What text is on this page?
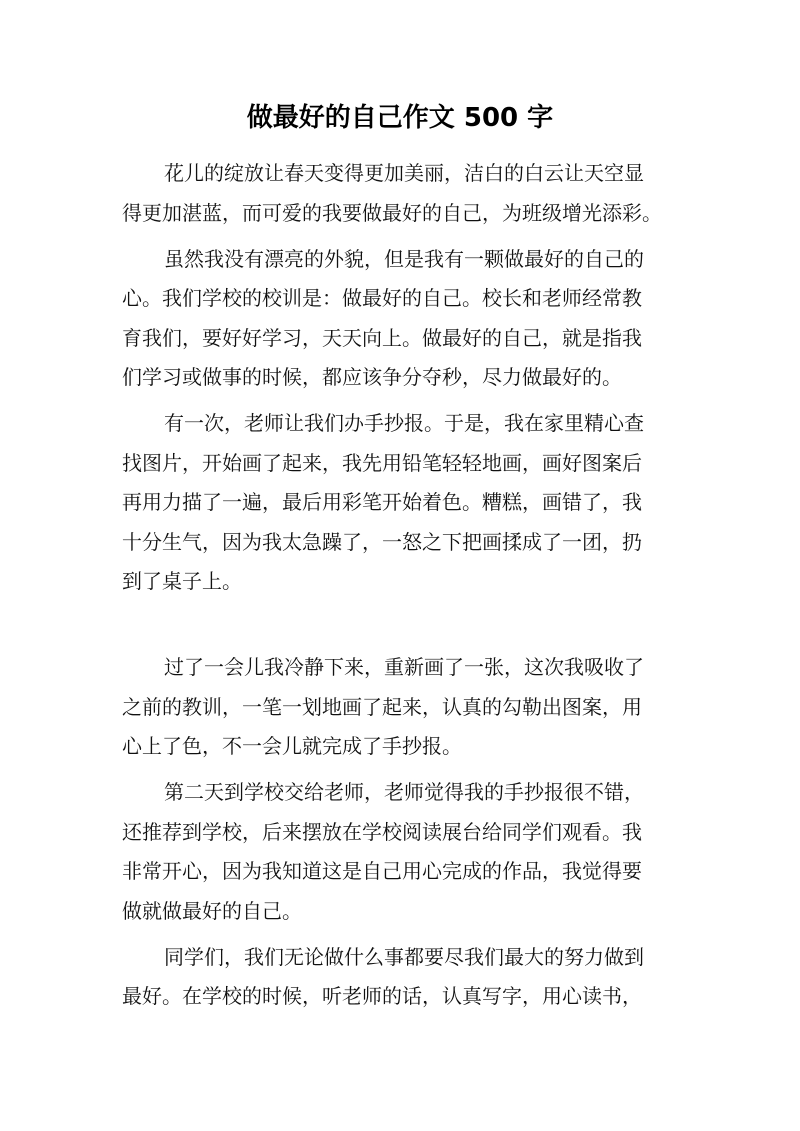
做最好的自己作文 500 字
花儿的绽放让春天变得更加美丽，洁白的白云让天空显
得更加湛蓝，而可爱的我要做最好的自己，为班级增光添彩。
虽然我没有漂亮的外貌，但是我有一颗做最好的自己的
心。我们学校的校训是：做最好的自己。校长和老师经常教
育我们，要好好学习，天天向上。做最好的自己，就是指我
们学习或做事的时候，都应该争分夺秒，尽力做最好的。
有一次，老师让我们办手抄报。于是，我在家里精心查
找图片，开始画了起来，我先用铅笔轻轻地画，画好图案后
再用力描了一遍，最后用彩笔开始着色。糟糕，画错了，我
十分生气，因为我太急躁了，一怒之下把画揉成了一团，扔
到了桌子上。
过了一会儿我冷静下来，重新画了一张，这次我吸收了
之前的教训，一笔一划地画了起来，认真的勾勒出图案，用
心上了色，不一会儿就完成了手抄报。
第二天到学校交给老师，老师觉得我的手抄报很不错，
还推荐到学校，后来摆放在学校阅读展台给同学们观看。我
非常开心，因为我知道这是自己用心完成的作品，我觉得要
做就做最好的自己。
同学们，我们无论做什么事都要尽我们最大的努力做到
最好。在学校的时候，听老师的话，认真写字，用心读书，
